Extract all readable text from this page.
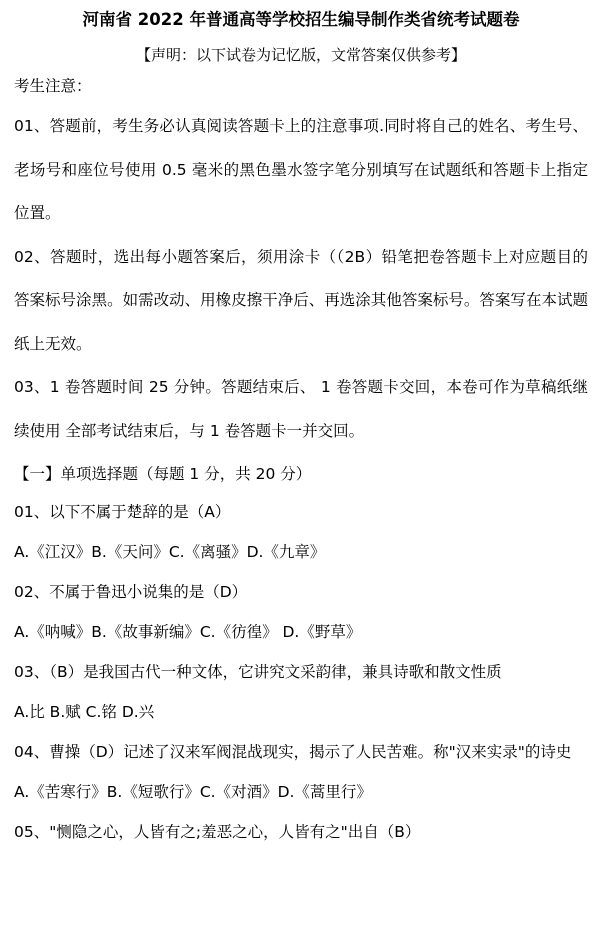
河南省 2022 年普通高等学校招生编导制作类省统考试题卷

【声明：以下试卷为记忆版，文常答案仅供参考】

考生注意：

01、答题前，考生务必认真阅读答题卡上的注意事项.同时将自己的姓名、考生号、老场号和座位号使用 0.5 毫米的黑色墨水签字笔分别填写在试题纸和答题卡上指定位置。

02、答题时，选出每小题答案后，须用涂卡（（2B）铅笔把卷答题卡上对应题目的答案标号涂黑。如需改动、用橡皮擦干净后、再选涂其他答案标号。答案写在本试题纸上无效。

03、1 卷答题时间 25 分钟。答题结束后、 1 卷答题卡交回，本卷可作为草稿纸继续使用 全部考试结束后，与 1 卷答题卡一并交回。

【一】单项选择题（每题 1 分，共 20 分）

01、以下不属于楚辞的是（A）

A.《江汉》B.《天问》C.《离骚》D.《九章》

02、不属于鲁迅小说集的是（D）

A.《呐喊》B.《故事新编》C.《彷徨》 D.《野草》

03、（B）是我国古代一种文体，它讲究文采韵律，兼具诗歌和散文性质

A.比 B.赋 C.铭 D.兴

04、曹操（D）记述了汉来军阀混战现实，揭示了人民苦难。称"汉来实录"的诗史

A.《苦寒行》B.《短歌行》C.《对酒》D.《蒿里行》

05、"恻隐之心，人皆有之;羞恶之心，人皆有之"出自（B）
